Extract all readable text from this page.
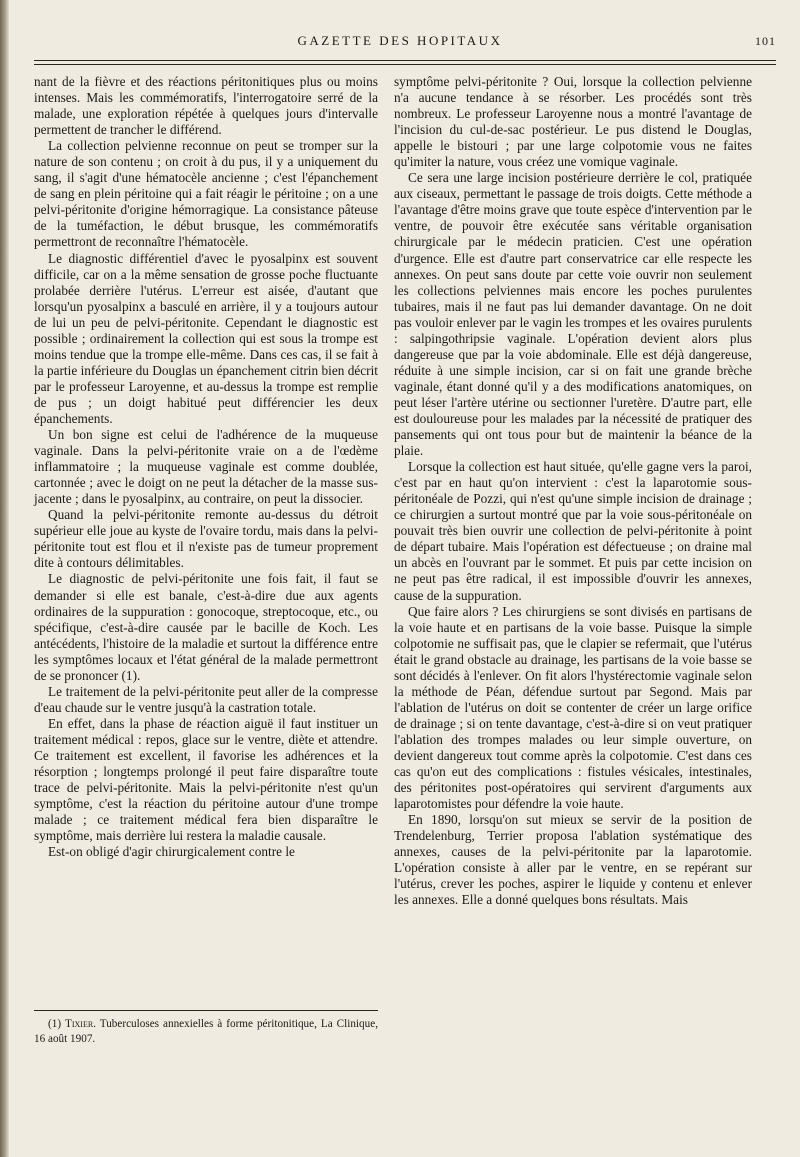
GAZETTE DES HOPITAUX	101

nant de la fièvre et des réactions péritonitiques plus ou moins intenses. Mais les commémoratifs, l'interrogatoire serré de la malade, une exploration répétée à quelques jours d'intervalle permettent de trancher le différend.

La collection pelvienne reconnue on peut se tromper sur la nature de son contenu ; on croit à du pus, il y a uniquement du sang, il s'agit d'une hématocèle ancienne ; c'est l'épanchement de sang en plein péritoine qui a fait réagir le péritoine ; on a une pelvi-péritonite d'origine hémorragique. La consistance pâteuse de la tuméfaction, le début brusque, les commémoratifs permettront de reconnaître l'hématocèle.

Le diagnostic différentiel d'avec le pyosalpinx est souvent difficile, car on a la même sensation de grosse poche fluctuante prolabée derrière l'utérus. L'erreur est aisée, d'autant que lorsqu'un pyosalpinx a basculé en arrière, il y a toujours autour de lui un peu de pelvi-péritonite. Cependant le diagnostic est possible ; ordinairement la collection qui est sous la trompe est moins tendue que la trompe elle-même. Dans ces cas, il se fait à la partie inférieure du Douglas un épanchement citrin bien décrit par le professeur Laroyenne, et au-dessus la trompe est remplie de pus ; un doigt habitué peut différencier les deux épanchements.

Un bon signe est celui de l'adhérence de la muqueuse vaginale. Dans la pelvi-péritonite vraie on a de l'œdème inflammatoire ; la muqueuse vaginale est comme doublée, cartonnée ; avec le doigt on ne peut la détacher de la masse sus-jacente ; dans le pyosalpinx, au contraire, on peut la dissocier.

Quand la pelvi-péritonite remonte au-dessus du détroit supérieur elle joue au kyste de l'ovaire tordu, mais dans la pelvi-péritonite tout est flou et il n'existe pas de tumeur proprement dite à contours délimitables.

Le diagnostic de pelvi-péritonite une fois fait, il faut se demander si elle est banale, c'est-à-dire due aux agents ordinaires de la suppuration : gonocoque, streptocoque, etc., ou spécifique, c'est-à-dire causée par le bacille de Koch. Les antécédents, l'histoire de la maladie et surtout la différence entre les symptômes locaux et l'état général de la malade permettront de se prononcer (1).

Le traitement de la pelvi-péritonite peut aller de la compresse d'eau chaude sur le ventre jusqu'à la castration totale.

En effet, dans la phase de réaction aiguë il faut instituer un traitement médical : repos, glace sur le ventre, diète et attendre. Ce traitement est excellent, il favorise les adhérences et la résorption ; longtemps prolongé il peut faire disparaître toute trace de pelvi-péritonite. Mais la pelvi-péritonite n'est qu'un symptôme, c'est la réaction du péritoine autour d'une trompe malade ; ce traitement médical fera bien disparaître le symptôme, mais derrière lui restera la maladie causale.

Est-on obligé d'agir chirurgicalement contre le

(1) Tixier. Tuberculoses annexielles à forme péritonitique, La Clinique, 16 août 1907.

symptôme pelvi-péritonite ? Oui, lorsque la collection pelvienne n'a aucune tendance à se résorber. Les procédés sont très nombreux. Le professeur Laroyenne nous a montré l'avantage de l'incision du cul-de-sac postérieur. Le pus distend le Douglas, appelle le bistouri ; par une large colpotomie vous ne faites qu'imiter la nature, vous créez une vomique vaginale.

Ce sera une large incision postérieure derrière le col, pratiquée aux ciseaux, permettant le passage de trois doigts. Cette méthode a l'avantage d'être moins grave que toute espèce d'intervention par le ventre, de pouvoir être exécutée sans véritable organisation chirurgicale par le médecin praticien. C'est une opération d'urgence. Elle est d'autre part conservatrice car elle respecte les annexes. On peut sans doute par cette voie ouvrir non seulement les collections pelviennes mais encore les poches purulentes tubaires, mais il ne faut pas lui demander davantage. On ne doit pas vouloir enlever par le vagin les trompes et les ovaires purulents : salpingothripsie vaginale. L'opération devient alors plus dangereuse que par la voie abdominale. Elle est déjà dangereuse, réduite à une simple incision, car si on fait une grande brèche vaginale, étant donné qu'il y a des modifications anatomiques, on peut léser l'artère utérine ou sectionner l'uretère. D'autre part, elle est douloureuse pour les malades par la nécessité de pratiquer des pansements qui ont tous pour but de maintenir la béance de la plaie.

Lorsque la collection est haut située, qu'elle gagne vers la paroi, c'est par en haut qu'on intervient : c'est la laparotomie sous-péritonéale de Pozzi, qui n'est qu'une simple incision de drainage ; ce chirurgien a surtout montré que par la voie sous-péritonéale on pouvait très bien ouvrir une collection de pelvi-péritonite à point de départ tubaire. Mais l'opération est défectueuse ; on draine mal un abcès en l'ouvrant par le sommet. Et puis par cette incision on ne peut pas être radical, il est impossible d'ouvrir les annexes, cause de la suppuration.

Que faire alors ? Les chirurgiens se sont divisés en partisans de la voie haute et en partisans de la voie basse. Puisque la simple colpotomie ne suffisait pas, que le clapier se refermait, que l'utérus était le grand obstacle au drainage, les partisans de la voie basse se sont décidés à l'enlever. On fit alors l'hystérectomie vaginale selon la méthode de Péan, défendue surtout par Segond. Mais par l'ablation de l'utérus on doit se contenter de créer un large orifice de drainage ; si on tente davantage, c'est-à-dire si on veut pratiquer l'ablation des trompes malades ou leur simple ouverture, on devient dangereux tout comme après la colpotomie. C'est dans ces cas qu'on eut des complications : fistules vésicales, intestinales, des péritonites post-opératoires qui servirent d'arguments aux laparotomistes pour défendre la voie haute.

En 1890, lorsqu'on sut mieux se servir de la position de Trendelenburg, Terrier proposa l'ablation systématique des annexes, causes de la pelvi-péritonite par la laparotomie. L'opération consiste à aller par le ventre, en se repérant sur l'utérus, crever les poches, aspirer le liquide y contenu et enlever les annexes. Elle a donné quelques bons résultats. Mais
